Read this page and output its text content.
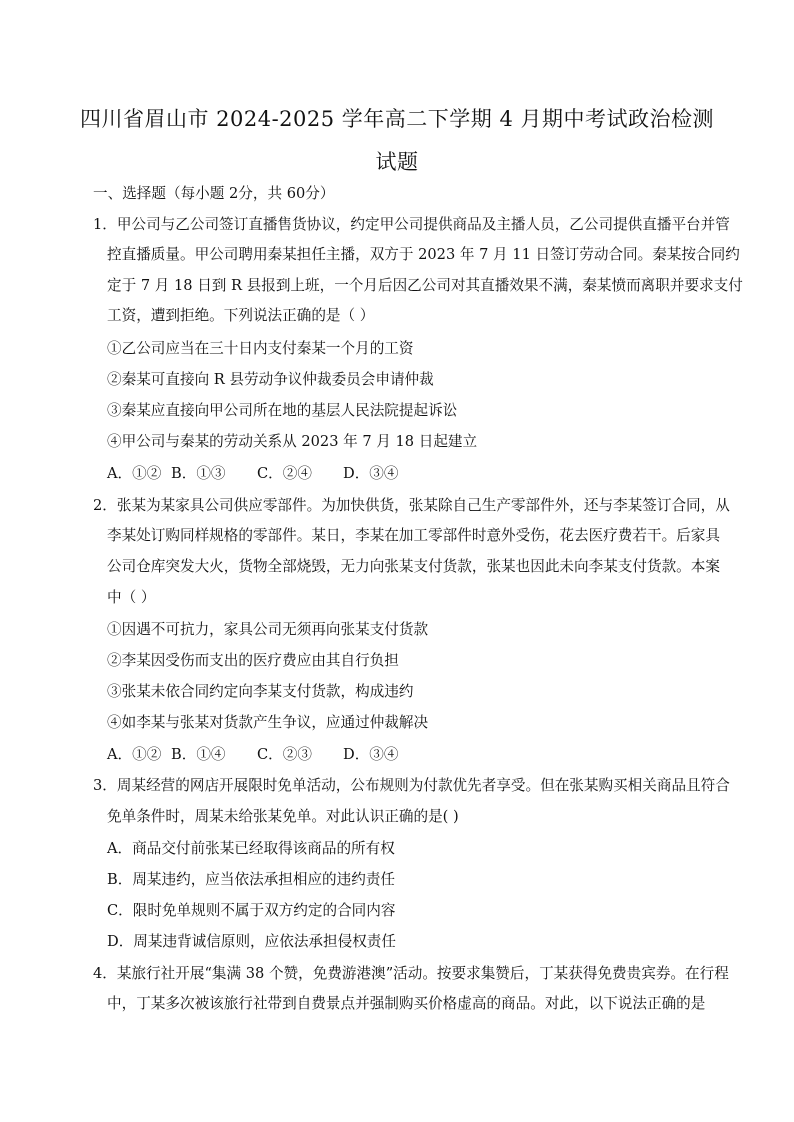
四川省眉山市 2024-2025 学年高二下学期 4 月期中考试政治检测
试题
一、选择题（每小题 2分，共 60分）
1．甲公司与乙公司签订直播售货协议，约定甲公司提供商品及主播人员，乙公司提供直播平台并管
控直播质量。甲公司聘用秦某担任主播，双方于 2023 年 7 月 11 日签订劳动合同。秦某按合同约
定于 7 月 18 日到 R 县报到上班，一个月后因乙公司对其直播效果不满，秦某愤而离职并要求支付
工资，遭到拒绝。下列说法正确的是（ ）
①乙公司应当在三十日内支付秦某一个月的工资
②秦某可直接向 R 县劳动争议仲裁委员会申请仲裁
③秦某应直接向甲公司所在地的基层人民法院提起诉讼
④甲公司与秦某的劳动关系从 2023 年 7 月 18 日起建立
A．①② B．①③ C．②④ D．③④
2．张某为某家具公司供应零部件。为加快供货，张某除自己生产零部件外，还与李某签订合同，从
李某处订购同样规格的零部件。某日，李某在加工零部件时意外受伤，花去医疗费若干。后家具
公司仓库突发大火，货物全部烧毁，无力向张某支付货款，张某也因此未向李某支付货款。本案
中（ ）
①因遇不可抗力，家具公司无须再向张某支付货款
②李某因受伤而支出的医疗费应由其自行负担
③张某未依合同约定向李某支付货款，构成违约
④如李某与张某对货款产生争议，应通过仲裁解决
A．①② B．①④ C．②③ D．③④
3．周某经营的网店开展限时免单活动，公布规则为付款优先者享受。但在张某购买相关商品且符合
免单条件时，周某未给张某免单。对此认识正确的是( )
A．商品交付前张某已经取得该商品的所有权
B．周某违约，应当依法承担相应的违约责任
C．限时免单规则不属于双方约定的合同内容
D．周某违背诚信原则，应依法承担侵权责任
4．某旅行社开展“集满 38 个赞，免费游港澳”活动。按要求集赞后，丁某获得免费贵宾券。在行程
中，丁某多次被该旅行社带到自费景点并强制购买价格虚高的商品。对此，以下说法正确的是
